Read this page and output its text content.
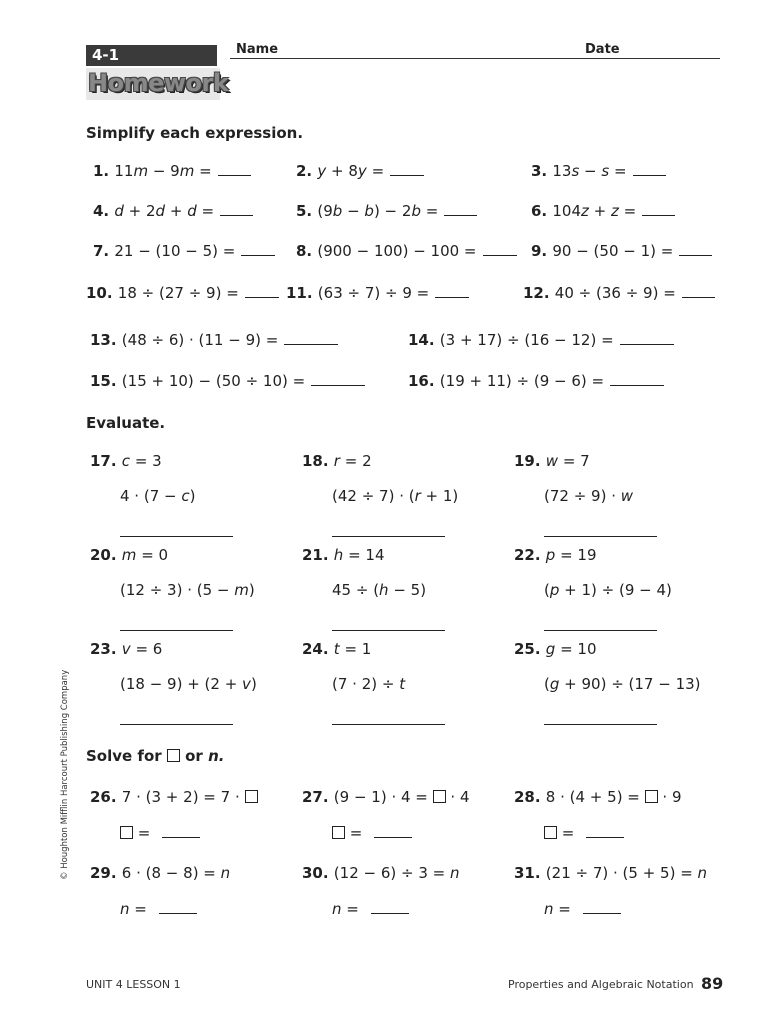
4-1
Homework
Name	Date
Simplify each expression.
Evaluate.
Solve for or n.
1. 11m − 9m =	2. y + 8y =	3. 13s − s =
4. d + 2d + d =	5. (9b − b) − 2b =	6. 104z + z =
7. 21 − (10 − 5) =	8. (900 − 100) − 100 =	9. 90 − (50 − 1) =
10. 18 ÷ (27 ÷ 9) =	11. (63 ÷ 7) ÷ 9 =	12. 40 ÷ (36 ÷ 9) =
13. (48 ÷ 6) · (11 − 9) =	14. (3 + 17) ÷ (16 − 12) =
15. (15 + 10) − (50 ÷ 10) =	16. (19 + 11) ÷ (9 − 6) =
17. c = 3
4 · (7 − c)
18. r = 2
(42 ÷ 7) · (r + 1)
19. w = 7
(72 ÷ 9) · w
20. m = 0
(12 ÷ 3) · (5 − m)
21. h = 14
45 ÷ (h − 5)
22. p = 19
(p + 1) ÷ (9 − 4)
23. v = 6
(18 − 9) + (2 + v)
24. t = 1
(7 · 2) ÷ t
25. g = 10
(g + 90) ÷ (17 − 13)
26. 7 · (3 + 2) = 7 ·
=
27. (9 − 1) · 4 =  · 4
=
28. 8 · (4 + 5) =  · 9
=
29. 6 · (8 − 8) = n
n =
30. (12 − 6) ÷ 3 = n
n =
31. (21 ÷ 7) · (5 + 5) = n
n =
© Houghton Mifflin Harcourt Publishing Company
UNIT 4 LESSON 1	Properties and Algebraic Notation 89
